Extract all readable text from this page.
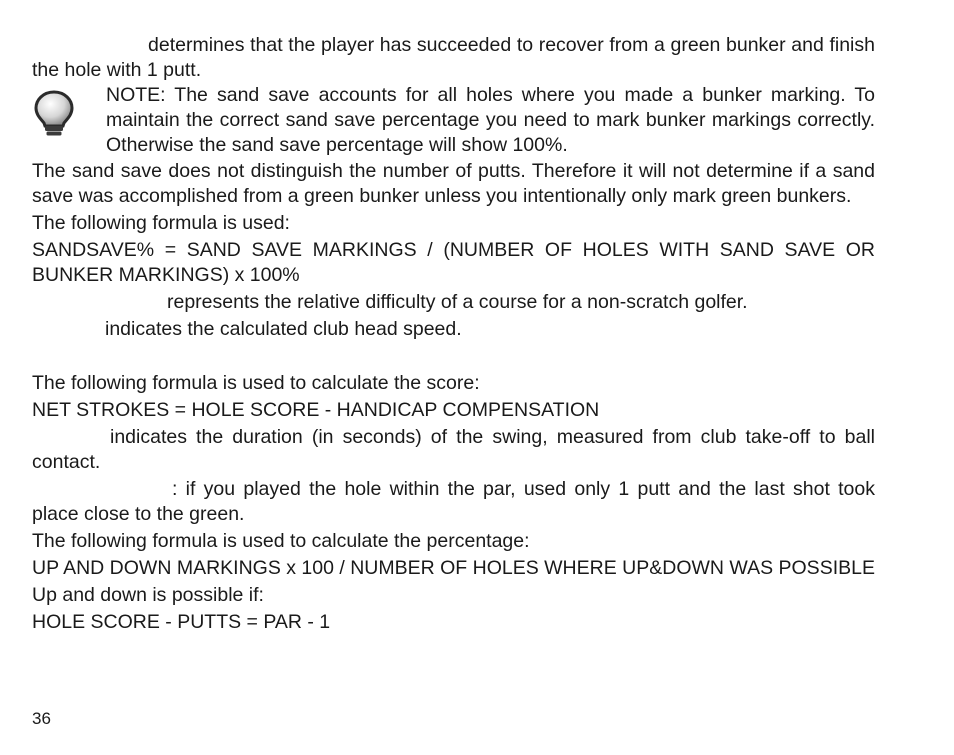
determines that the player has succeeded to recover from a green bunker and finish the hole with 1 putt.

NOTE: The sand save accounts for all holes where you made a bunker marking. To maintain the correct sand save percentage you need to mark bunker markings correctly. Otherwise the sand save percentage will show 100%.

The sand save does not distinguish the number of putts. Therefore it will not determine if a sand save was accomplished from a green bunker unless you intentionally only mark green bunkers.

The following formula is used:

SANDSAVE% = SAND SAVE MARKINGS / (NUMBER OF HOLES WITH SAND SAVE OR BUNKER MARKINGS) x 100%

represents the relative difficulty of a course for a non-scratch golfer.

indicates the calculated club head speed.

The following formula is used to calculate the score:

NET STROKES = HOLE SCORE - HANDICAP COMPENSATION

indicates the duration (in seconds) of the swing, measured from club take-off to ball contact.

: if you played the hole within the par, used only 1 putt and the last shot took place close to the green.

The following formula is used to calculate the percentage:

UP AND DOWN MARKINGS x 100 / NUMBER OF HOLES WHERE UP&DOWN WAS POSSIBLE

Up and down is possible if:

HOLE SCORE - PUTTS = PAR - 1

36
